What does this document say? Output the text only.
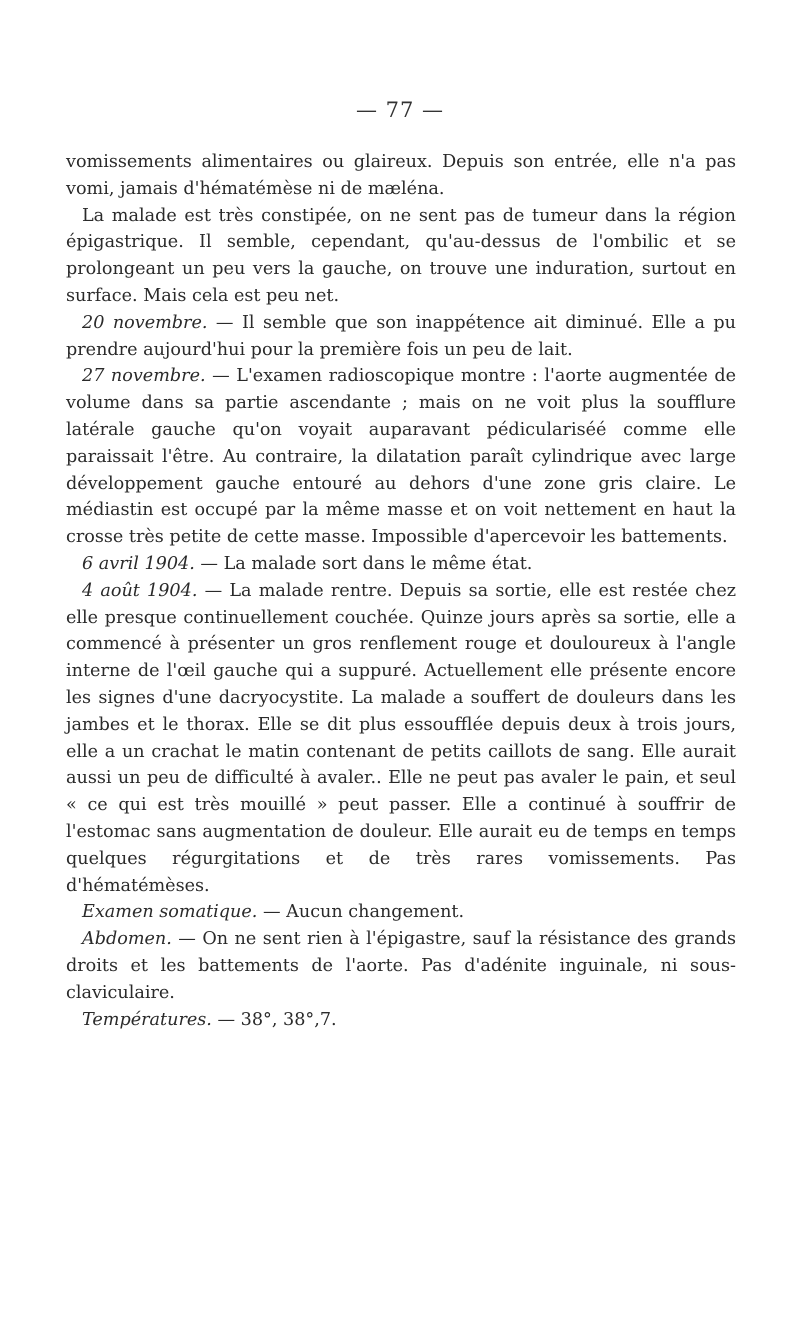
— 77 —

vomissements alimentaires ou glaireux. Depuis son entrée, elle n'a pas vomi, jamais d'hématémèse ni de mæléna.

La malade est très constipée, on ne sent pas de tumeur dans la région épigastrique. Il semble, cependant, qu'au-dessus de l'ombilic et se prolongeant un peu vers la gauche, on trouve une induration, surtout en surface. Mais cela est peu net.

20 novembre. — Il semble que son inappétence ait diminué. Elle a pu prendre aujourd'hui pour la première fois un peu de lait.

27 novembre. — L'examen radioscopique montre : l'aorte augmentée de volume dans sa partie ascendante ; mais on ne voit plus la soufflure latérale gauche qu'on voyait auparavant pédiculariséé comme elle paraissait l'être. Au contraire, la dilatation paraît cylindrique avec large développement gauche entouré au dehors d'une zone gris claire. Le médiastin est occupé par la même masse et on voit nettement en haut la crosse très petite de cette masse. Impossible d'apercevoir les battements.

6 avril 1904. — La malade sort dans le même état.

4 août 1904. — La malade rentre. Depuis sa sortie, elle est restée chez elle presque continuellement couchée. Quinze jours après sa sortie, elle a commencé à présenter un gros renflement rouge et douloureux à l'angle interne de l'œil gauche qui a suppuré. Actuellement elle présente encore les signes d'une dacryocystite. La malade a souffert de douleurs dans les jambes et le thorax. Elle se dit plus essoufflée depuis deux à trois jours, elle a un crachat le matin contenant de petits caillots de sang. Elle aurait aussi un peu de difficulté à avaler.. Elle ne peut pas avaler le pain, et seul « ce qui est très mouillé » peut passer. Elle a continué à souffrir de l'estomac sans augmentation de douleur. Elle aurait eu de temps en temps quelques régurgitations et de très rares vomissements. Pas d'hématémèses.

Examen somatique. — Aucun changement.

Abdomen. — On ne sent rien à l'épigastre, sauf la résistance des grands droits et les battements de l'aorte. Pas d'adénite inguinale, ni sous-claviculaire.

Températures. — 38°, 38°,7.
